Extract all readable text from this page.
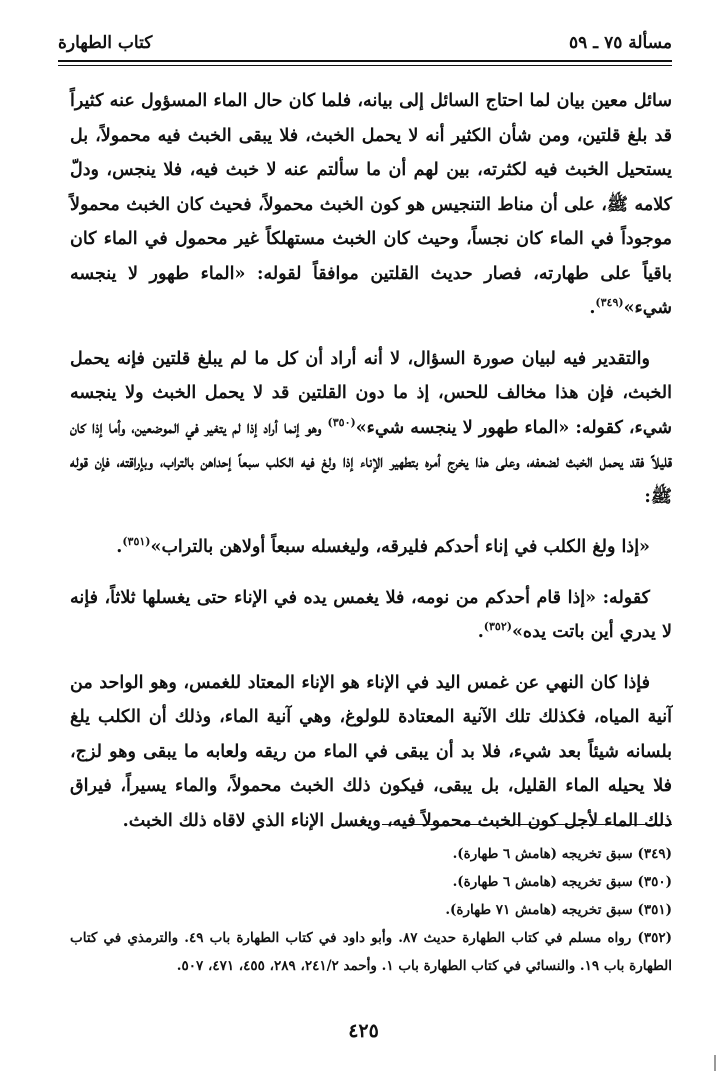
مسألة ٧٥ ـ ٥٩
كتاب الطهارة

سائل معين بيان لما احتاج السائل إلى بيانه، فلما كان حال الماء المسؤول عنه كثيراً قد بلغ قلتين، ومن شأن الكثير أنه لا يحمل الخبث، فلا يبقى الخبث فيه محمولاً، بل يستحيل الخبث فيه لكثرته، بين لهم أن ما سألتم عنه لا خبث فيه، فلا ينجس، ودلّ كلامه ﷺ، على أن مناط التنجيس هو كون الخبث محمولاً، فحيث كان الخبث محمولاً موجوداً في الماء كان نجساً، وحيث كان الخبث مستهلكاً غير محمول في الماء كان باقياً على طهارته، فصار حديث القلتين موافقاً لقوله: «الماء طهور لا ينجسه شيء»$^{(٣٤٩)}$.

والتقدير فيه لبيان صورة السؤال، لا أنه أراد أن كل ما لم يبلغ قلتين فإنه يحمل الخبث، فإن هذا مخالف للحس، إذ ما دون القلتين قد لا يحمل الخبث ولا ينجسه شيء، كقوله: «الماء طهور لا ينجسه شيء»$^{(٣٥٠)}$ وهو إنما أراد إذا لم يتغير في الموضعين، وأما إذا كان قليلاً فقد يحمل الخبث لضعفه، وعلى هذا يخرج أمره بتطهير الإناء إذا ولغ فيه الكلب سبعاً إحداهن بالتراب، وبإراقته، فإن قوله ﷺ:

«إذا ولغ الكلب في إناء أحدكم فليرقه، وليغسله سبعاً أولاهن بالتراب»$^{(٣٥١)}$.

كقوله: «إذا قام أحدكم من نومه، فلا يغمس يده في الإناء حتى يغسلها ثلاثاً، فإنه لا يدري أين باتت يده»$^{(٣٥٢)}$.

فإذا كان النهي عن غمس اليد في الإناء هو الإناء المعتاد للغمس، وهو الواحد من آنية المياه، فكذلك تلك الآنية المعتادة للولوغ، وهي آنية الماء، وذلك أن الكلب يلغ بلسانه شيئاً بعد شيء، فلا بد أن يبقى في الماء من ريقه ولعابه ما يبقى وهو لزج، فلا يحيله الماء القليل، بل يبقى، فيكون ذلك الخبث محمولاً، والماء يسيراً، فيراق ذلك الماء لأجل كون الخبث محمولاً فيه، ويغسل الإناء الذي لاقاه ذلك الخبث.

(٣٤٩) سبق تخريجه (هامش ٦ طهارة).
(٣٥٠) سبق تخريجه (هامش ٦ طهارة).
(٣٥١) سبق تخريجه (هامش ٧١ طهارة).
(٣٥٢) رواه مسلم في كتاب الطهارة حديث ٨٧. وأبو داود في كتاب الطهارة باب ٤٩. والترمذي في كتاب الطهارة باب ١٩. والنسائي في كتاب الطهارة باب ١. وأحمد ٢٤١/٢، ٢٨٩، ٤٥٥، ٤٧١، ٥٠٧.
٤٢٥
